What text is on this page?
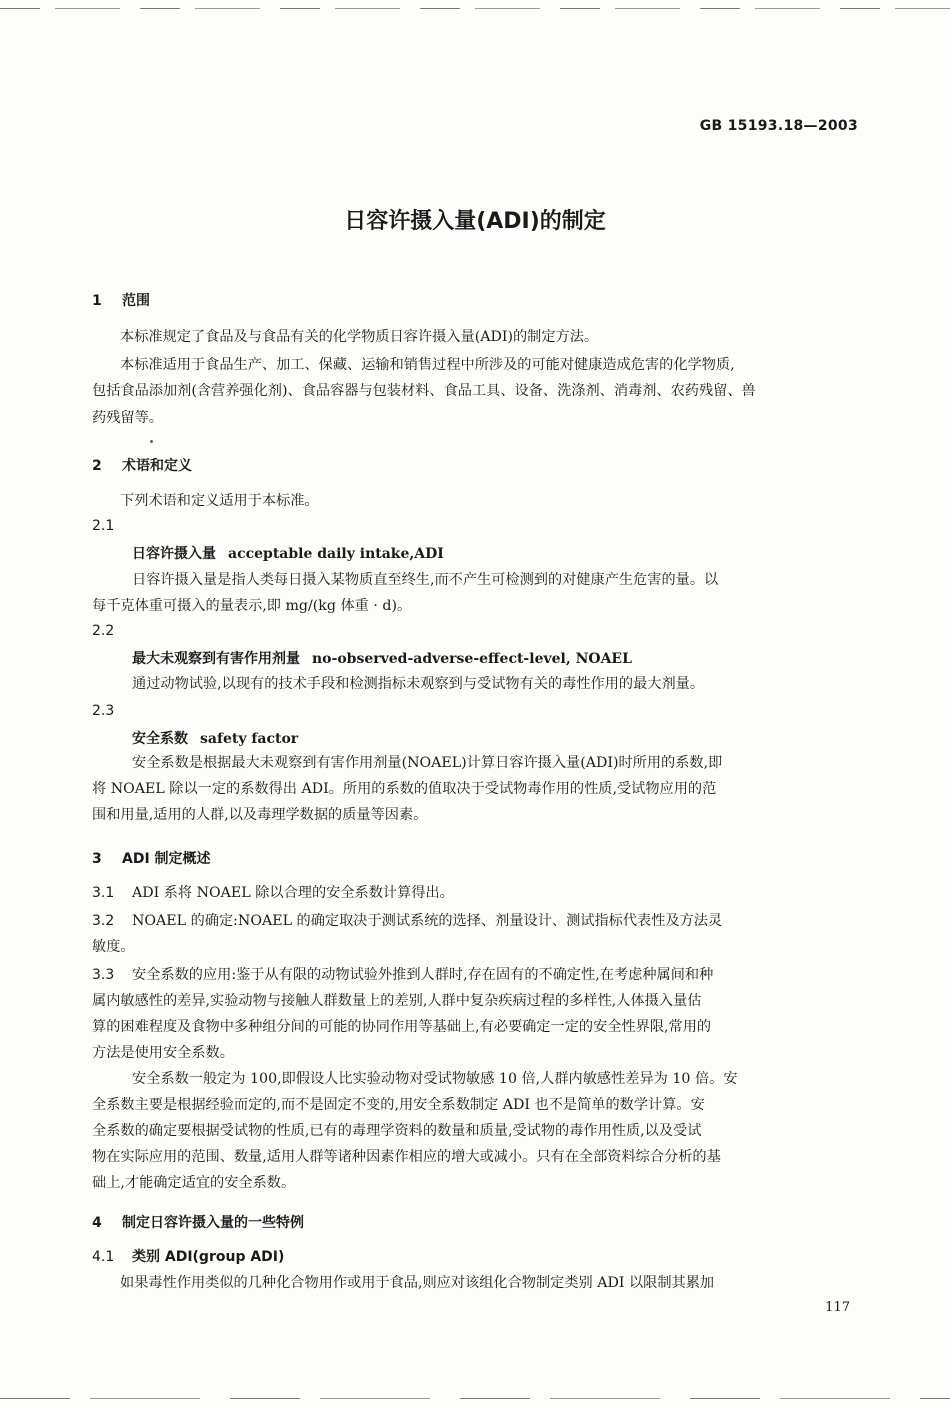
GB 15193.18—2003
日容许摄入量(ADI)的制定
1 范围
本标准规定了食品及与食品有关的化学物质日容许摄入量(ADI)的制定方法。
本标准适用于食品生产、加工、保藏、运输和销售过程中所涉及的可能对健康造成危害的化学物质,
包括食品添加剂(含营养强化剂)、食品容器与包装材料、食品工具、设备、洗涤剂、消毒剂、农药残留、兽
药残留等。
2 术语和定义
下列术语和定义适用于本标准。
2.1
日容许摄入量 acceptable daily intake,ADI
日容许摄入量是指人类每日摄入某物质直至终生,而不产生可检测到的对健康产生危害的量。以
每千克体重可摄入的量表示,即 mg/(kg 体重 · d)。
2.2
最大未观察到有害作用剂量 no-observed-adverse-effect-level, NOAEL
通过动物试验,以现有的技术手段和检测指标未观察到与受试物有关的毒性作用的最大剂量。
2.3
安全系数 safety factor
安全系数是根据最大未观察到有害作用剂量(NOAEL)计算日容许摄入量(ADI)时所用的系数,即
将 NOAEL 除以一定的系数得出 ADI。所用的系数的值取决于受试物毒作用的性质,受试物应用的范
围和用量,适用的人群,以及毒理学数据的质量等因素。
3 ADI 制定概述
3.1 ADI 系将 NOAEL 除以合理的安全系数计算得出。
3.2 NOAEL 的确定:NOAEL 的确定取决于测试系统的选择、剂量设计、测试指标代表性及方法灵
敏度。
3.3 安全系数的应用:鉴于从有限的动物试验外推到人群时,存在固有的不确定性,在考虑种属间和种
属内敏感性的差异,实验动物与接触人群数量上的差别,人群中复杂疾病过程的多样性,人体摄入量估
算的困难程度及食物中多种组分间的可能的协同作用等基础上,有必要确定一定的安全性界限,常用的
方法是使用安全系数。
安全系数一般定为 100,即假设人比实验动物对受试物敏感 10 倍,人群内敏感性差异为 10 倍。安
全系数主要是根据经验而定的,而不是固定不变的,用安全系数制定 ADI 也不是简单的数学计算。安
全系数的确定要根据受试物的性质,已有的毒理学资料的数量和质量,受试物的毒作用性质,以及受试
物在实际应用的范围、数量,适用人群等诸种因素作相应的增大或减小。只有在全部资料综合分析的基
础上,才能确定适宜的安全系数。
4 制定日容许摄入量的一些特例
4.1 类别 ADI(group ADI)
如果毒性作用类似的几种化合物用作或用于食品,则应对该组化合物制定类别 ADI 以限制其累加
117
